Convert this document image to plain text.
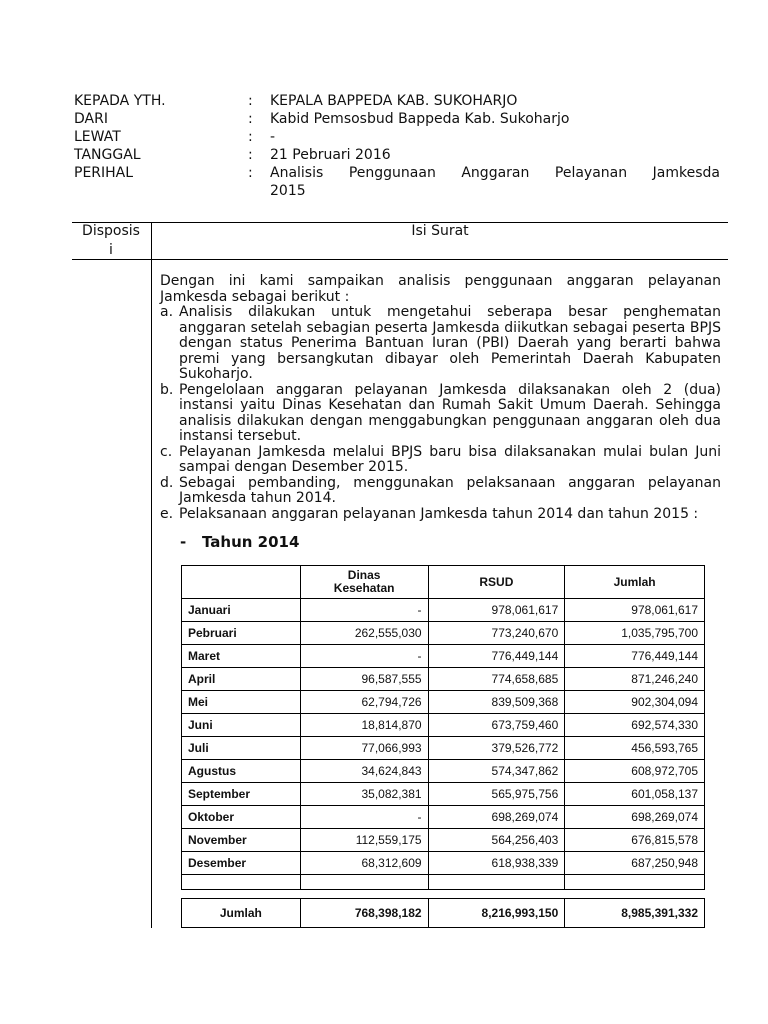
KEPADA YTH.	: KEPALA BAPPEDA KAB. SUKOHARJO
DARI	: Kabid Pemsosbud Bappeda Kab. Sukoharjo
LEWAT	: -
TANGGAL	: 21 Pebruari 2016
PERIHAL	: Analisis Penggunaan Anggaran Pelayanan Jamkesda
2015
Disposis
i
Isi Surat

Dengan ini kami sampaikan analisis penggunaan anggaran pelayanan Jamkesda sebagai berikut :

a. Analisis dilakukan untuk mengetahui seberapa besar penghematan anggaran setelah sebagian peserta Jamkesda diikutkan sebagai peserta BPJS dengan status Penerima Bantuan Iuran (PBI) Daerah yang berarti bahwa premi yang bersangkutan dibayar oleh Pemerintah Daerah Kabupaten Sukoharjo.
b. Pengelolaan anggaran pelayanan Jamkesda dilaksanakan oleh 2 (dua) instansi yaitu Dinas Kesehatan dan Rumah Sakit Umum Daerah. Sehingga analisis dilakukan dengan menggabungkan penggunaan anggaran oleh dua instansi tersebut.
c. Pelayanan Jamkesda melalui BPJS baru bisa dilaksanakan mulai bulan Juni sampai dengan Desember 2015.
d. Sebagai pembanding, menggunakan pelaksanaan anggaran pelayanan Jamkesda tahun 2014.
e. Pelaksanaan anggaran pelayanan Jamkesda tahun 2014 dan tahun 2015 :
- Tahun 2014
	Dinas Kesehatan	RSUD	Jumlah
Januari	-	978,061,617	978,061,617
Pebruari	262,555,030	773,240,670	1,035,795,700
Maret	-	776,449,144	776,449,144
April	96,587,555	774,658,685	871,246,240
Mei	62,794,726	839,509,368	902,304,094
Juni	18,814,870	673,759,460	692,574,330
Juli	77,066,993	379,526,772	456,593,765
Agustus	34,624,843	574,347,862	608,972,705
September	35,082,381	565,975,756	601,058,137
Oktober	-	698,269,074	698,269,074
November	112,559,175	564,256,403	676,815,578
Desember	68,312,609	618,938,339	687,250,948

Jumlah	768,398,182	8,216,993,150	8,985,391,332
